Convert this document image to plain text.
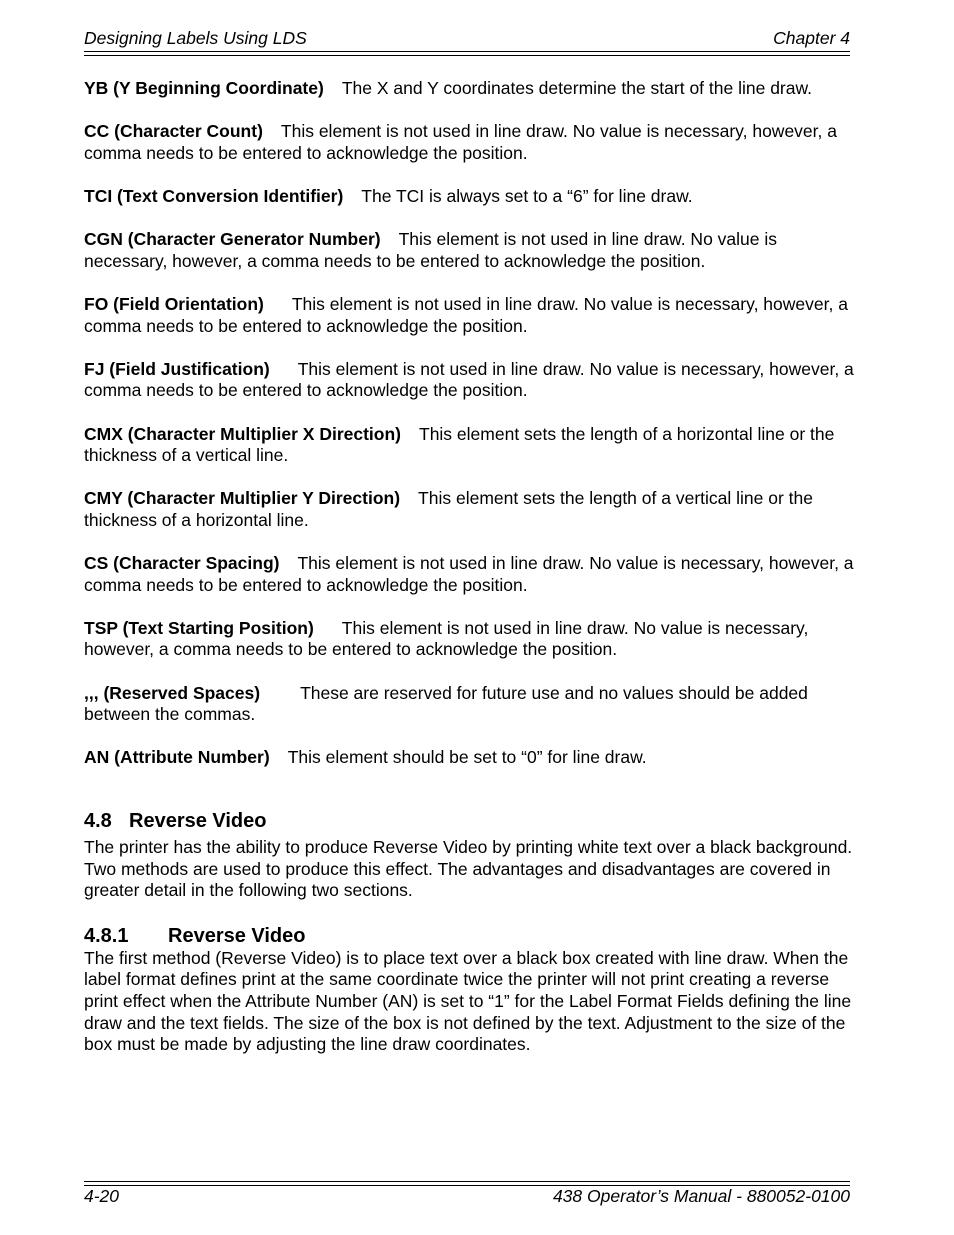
Designing Labels Using LDS	Chapter 4

YB (Y Beginning Coordinate) The X and Y coordinates determine the start of the line draw.

CC (Character Count) This element is not used in line draw. No value is necessary, however, a comma needs to be entered to acknowledge the position.

TCI (Text Conversion Identifier) The TCI is always set to a “6” for line draw.

CGN (Character Generator Number) This element is not used in line draw. No value is necessary, however, a comma needs to be entered to acknowledge the position.

FO (Field Orientation) This element is not used in line draw. No value is necessary, however, a comma needs to be entered to acknowledge the position.

FJ (Field Justification) This element is not used in line draw. No value is necessary, however, a comma needs to be entered to acknowledge the position.

CMX (Character Multiplier X Direction) This element sets the length of a horizontal line or the thickness of a vertical line.

CMY (Character Multiplier Y Direction) This element sets the length of a vertical line or the thickness of a horizontal line.

CS (Character Spacing) This element is not used in line draw. No value is necessary, however, a comma needs to be entered to acknowledge the position.

TSP (Text Starting Position) This element is not used in line draw. No value is necessary, however, a comma needs to be entered to acknowledge the position.

,,, (Reserved Spaces) These are reserved for future use and no values should be added between the commas.

AN (Attribute Number) This element should be set to “0” for line draw.

4.8 Reverse Video

The printer has the ability to produce Reverse Video by printing white text over a black background. Two methods are used to produce this effect. The advantages and disadvantages are covered in greater detail in the following two sections.

4.8.1 Reverse Video

The first method (Reverse Video) is to place text over a black box created with line draw. When the label format defines print at the same coordinate twice the printer will not print creating a reverse print effect when the Attribute Number (AN) is set to “1” for the Label Format Fields defining the line draw and the text fields. The size of the box is not defined by the text. Adjustment to the size of the box must be made by adjusting the line draw coordinates.

4-20	438 Operator’s Manual - 880052-0100
